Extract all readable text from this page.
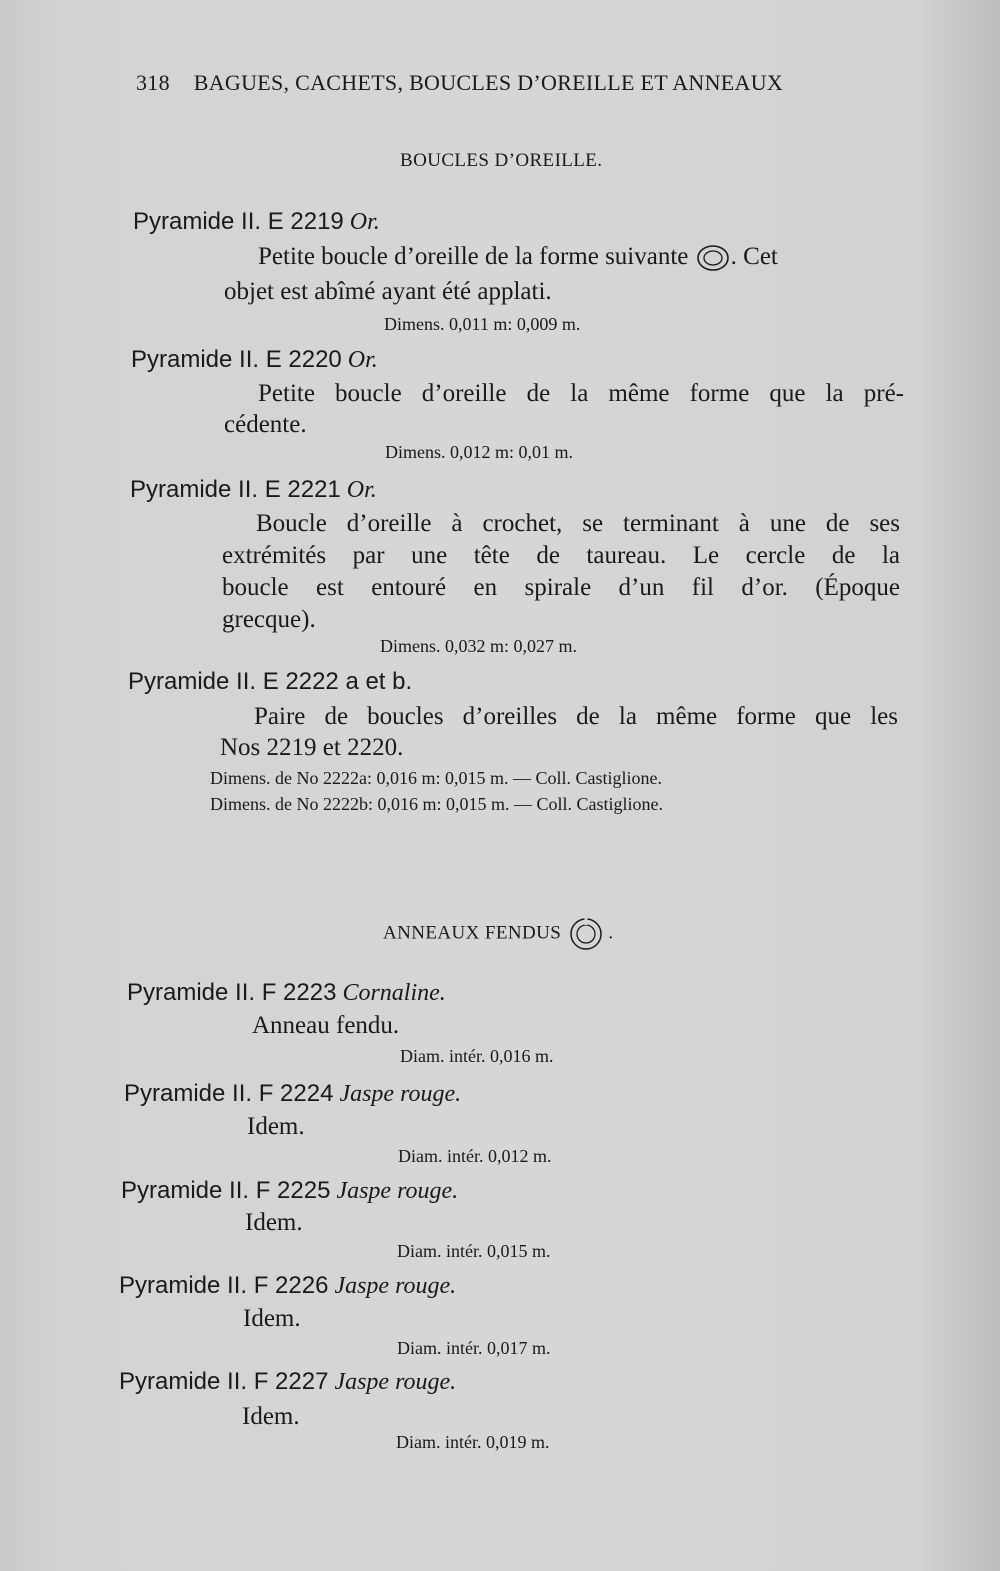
318 BAGUES, CACHETS, BOUCLES D’OREILLE ET ANNEAUX
BOUCLES D’OREILLE.
Pyramide II. E 2219 Or.
Petite boucle d’oreille de la forme suivante . Cet
objet est abîmé ayant été applati.
Dimens. 0,011 m: 0,009 m.
Pyramide II. E 2220 Or.
Petite boucle d’oreille de la même forme que la pré-
cédente.
Dimens. 0,012 m: 0,01 m.
Pyramide II. E 2221 Or.
Boucle d’oreille à crochet, se terminant à une de ses
extrémités par une tête de taureau. Le cercle de la
boucle est entouré en spirale d’un fil d’or. (Époque
grecque).
Dimens. 0,032 m: 0,027 m.
Pyramide II. E 2222 a et b.
Paire de boucles d’oreilles de la même forme que les
Nos 2219 et 2220.
Dimens. de No 2222a: 0,016 m: 0,015 m. — Coll. Castiglione.
Dimens. de No 2222b: 0,016 m: 0,015 m. — Coll. Castiglione.
ANNEAUX FENDUS .
Pyramide II. F 2223 Cornaline.
Anneau fendu.
Diam. intér. 0,016 m.
Pyramide II. F 2224 Jaspe rouge.
Idem.
Diam. intér. 0,012 m.
Pyramide II. F 2225 Jaspe rouge.
Idem.
Diam. intér. 0,015 m.
Pyramide II. F 2226 Jaspe rouge.
Idem.
Diam. intér. 0,017 m.
Pyramide II. F 2227 Jaspe rouge.
Idem.
Diam. intér. 0,019 m.
